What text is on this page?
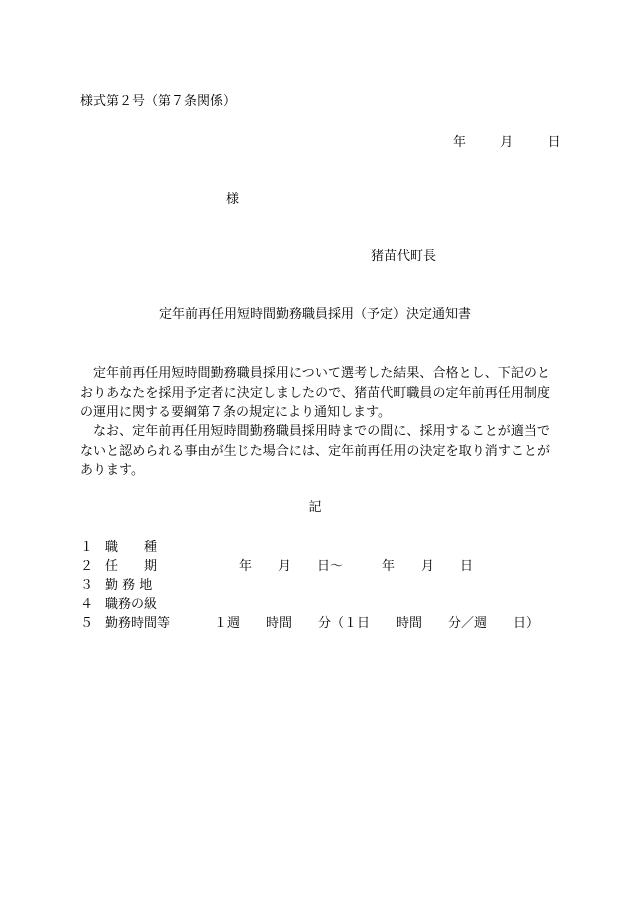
様式第２号（第７条関係）
年	月	日
様
猪苗代町長
定年前再任用短時間勤務職員採用（予定）決定通知書
定年前再任用短時間勤務職員採用について選考した結果、合格とし、下記のとおりあなたを採用予定者に決定しましたので、猪苗代町職員の定年前再任用制度の運用に関する要綱第７条の規定により通知します。
なお、定年前再任用短時間勤務職員採用時までの間に、採用することが適当でないと認められる事由が生じた場合には、定年前再任用の決定を取り消すことがあります。
記
１ 職　　種
２ 任　　期	年　　月　　日～　　　年　　月　　日
３ 勤 務 地
４ 職務の級
５ 勤務時間等	１週　　時間　　分（１日　　時間　　分／週　　日）
